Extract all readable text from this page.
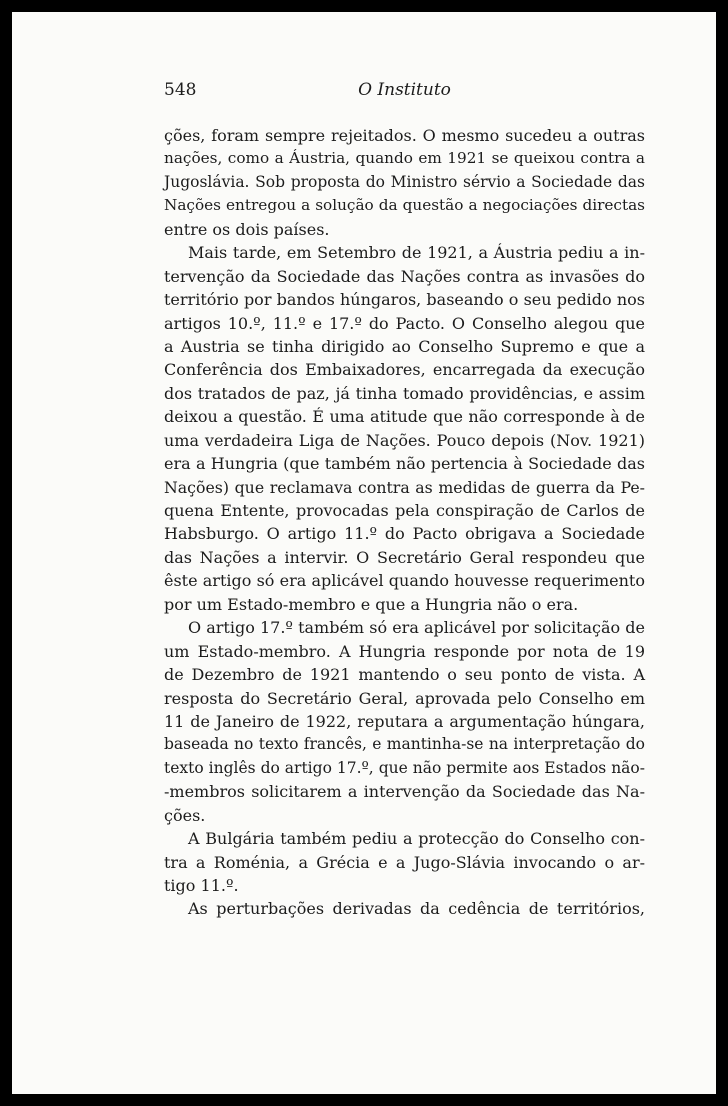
548	O Instituto
ções, foram sempre rejeitados. O mesmo sucedeu a outras
nações, como a Áustria, quando em 1921 se queixou contra a
Jugoslávia. Sob proposta do Ministro sérvio a Sociedade das
Nações entregou a solução da questão a negociações directas
entre os dois países.
Mais tarde, em Setembro de 1921, a Áustria pediu a in-
tervenção da Sociedade das Nações contra as invasões do
território por bandos húngaros, baseando o seu pedido nos
artigos 10.º, 11.º e 17.º do Pacto. O Conselho alegou que
a Austria se tinha dirigido ao Conselho Supremo e que a
Conferência dos Embaixadores, encarregada da execução
dos tratados de paz, já tinha tomado providências, e assim
deixou a questão. É uma atitude que não corresponde à de
uma verdadeira Liga de Nações. Pouco depois (Nov. 1921)
era a Hungria (que também não pertencia à Sociedade das
Nações) que reclamava contra as medidas de guerra da Pe-
quena Entente, provocadas pela conspiração de Carlos de
Habsburgo. O artigo 11.º do Pacto obrigava a Sociedade
das Nações a intervir. O Secretário Geral respondeu que
êste artigo só era aplicável quando houvesse requerimento
por um Estado-membro e que a Hungria não o era.
O artigo 17.º também só era aplicável por solicitação de
um Estado-membro. A Hungria responde por nota de 19
de Dezembro de 1921 mantendo o seu ponto de vista. A
resposta do Secretário Geral, aprovada pelo Conselho em
11 de Janeiro de 1922, reputara a argumentação húngara,
baseada no texto francês, e mantinha-se na interpretação do
texto inglês do artigo 17.º, que não permite aos Estados não-
-membros solicitarem a intervenção da Sociedade das Na-
ções.
A Bulgária também pediu a protecção do Conselho con-
tra a Roménia, a Grécia e a Jugo-Slávia invocando o ar-
tigo 11.º.
As perturbações derivadas da cedência de territórios,
